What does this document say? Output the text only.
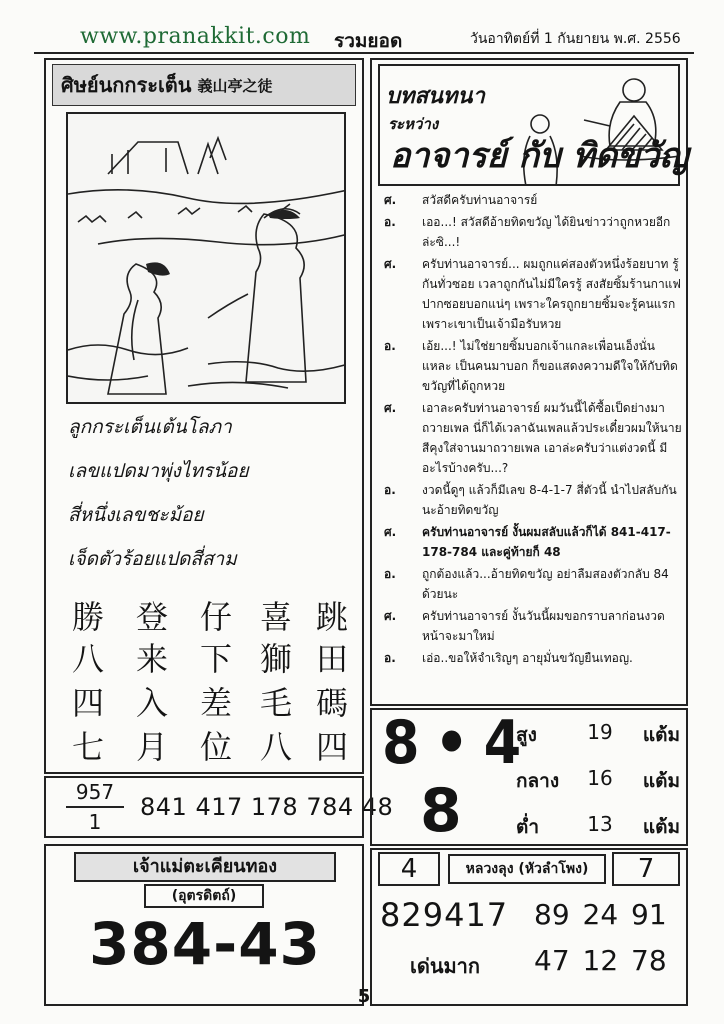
www.pranakkit.com รวมยอด	วันอาทิตย์ที่ 1 กันยายน พ.ศ. 2556
ศิษย์นกกระเต็น 義山亭之徒
ลูกกระเต็นเต้นโลภา
เลขแปดมาพุ่งไทรน้อย
สี่หนึ่งเลขชะม้อย
เจ็ดตัวร้อยแปดสี่สาม
勝 登 仔 喜 跳
八 来 下 獅 田
四 入 差 毛 碼
七 月 位 八 四
957
1
841 417 178 784 48
เจ้าแม่ตะเคียนทอง
(อุตรดิตถ์)
384-43
บทสนทนา
ระหว่าง
อาจารย์ กับ ทิดขวัญ
ศ.	สวัสดีครับท่านอาจารย์
อ.	เออ...! สวัสดีอ้ายทิดขวัญ ได้ยินข่าวว่าถูกหวยอีกล่ะซิ...!
ศ.	ครับท่านอาจารย์... ผมถูกแค่สองตัวหนึ่งร้อยบาท รู้กันทั่วซอย เวลาถูกกันไม่มีใครรู้ สงสัยซิ้มร้านกาแฟปากซอยบอกแน่ๆ เพราะใครถูกยายซิ้มจะรู้คนแรกเพราะเขาเป็นเจ้ามือรับหวย
อ.	เอ้ย...! ไม่ใช่ยายซิ้มบอกเจ้าแกละเพื่อนเอ็งนั่นแหละ เป็นคนมาบอก ก็ขอแสดงความดีใจให้กับทิดขวัญที่ได้ถูกหวย
ศ.	เอาละครับท่านอาจารย์ ผมวันนี้ได้ซื้อเป็ดย่างมาถวายเพล นี่ก็ได้เวลาฉันเพลแล้วประเดี๋ยวผมให้นายสีคุงใส่จานมาถวายเพล เอาล่ะครับว่าแต่งวดนี้ มี อะไรบ้างครับ...?
อ.	งวดนี้ดูๆ แล้วก็มีเลข 8-4-1-7 สี่ตัวนี้ นำไปสลับกันนะอ้ายทิดขวัญ
ศ.	ครับท่านอาจารย์ งั้นผมสลับแล้วก็ได้ 841-417-178-784 และคู่ท้ายก็ 48
อ.	ถูกต้องแล้ว...อ้ายทิดขวัญ อย่าลืมสองตัวกลับ 84 ด้วยนะ
ศ.	ครับท่านอาจารย์ งั้นวันนี้ผมขอกราบลาก่อนงวดหน้าจะมาใหม่
อ.	เอ่อ..ขอให้จำเริญๆ อายุมั่นขวัญยืนเทอญ.
8 • 4
8
สูง	19	แต้ม
กลาง	16	แต้ม
ต่ำ	13	แต้ม
4	หลวงลุง (หัวลำโพง)	7
829417 89 24 91
เด่นมาก 47 12 78
5
